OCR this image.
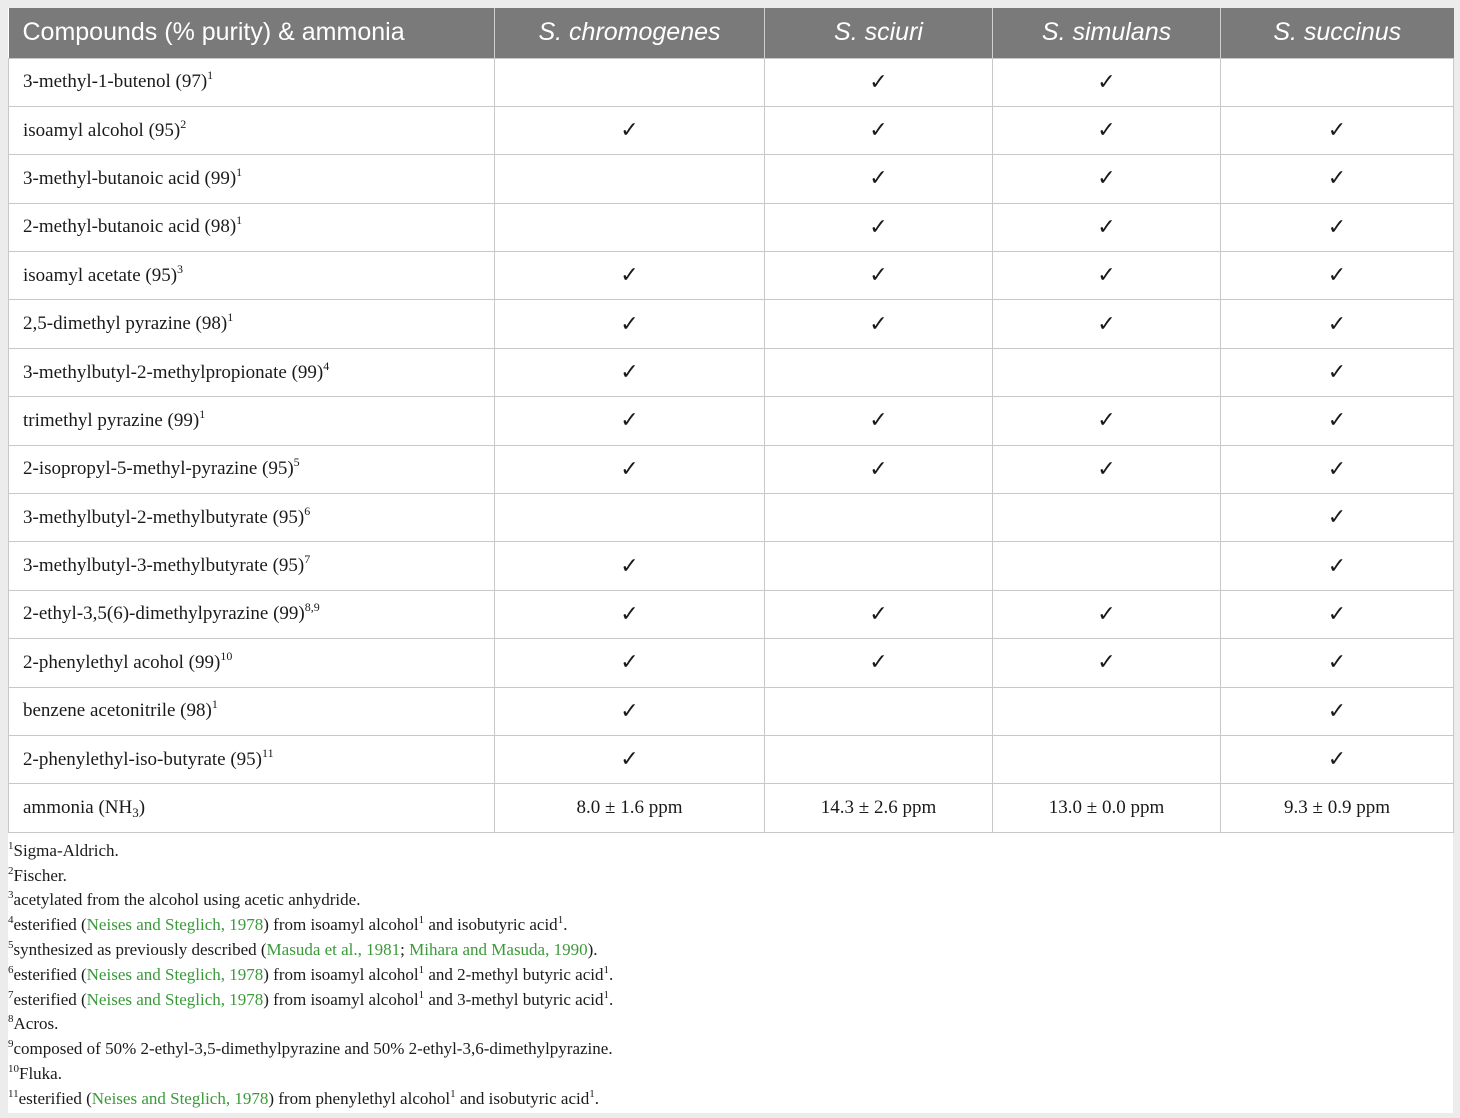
Compounds (% purity) & ammonia	S. chromogenes	S. sciuri	S. simulans	S. succinus
3-methyl-1-butenol $(97)^1$		✓	✓	
isoamyl alcohol $(95)^2$	✓	✓	✓	✓
3-methyl-butanoic acid $(99)^1$		✓	✓	✓
2-methyl-butanoic acid $(98)^1$		✓	✓	✓
isoamyl acetate $(95)^3$	✓	✓	✓	✓
2,5-dimethyl pyrazine $(98)^1$	✓	✓	✓	✓
3-methylbutyl-2-methylpropionate $(99)^4$	✓			✓
trimethyl pyrazine $(99)^1$	✓	✓	✓	✓
2-isopropyl-5-methyl-pyrazine $(95)^5$	✓	✓	✓	✓
3-methylbutyl-2-methylbutyrate $(95)^6$				✓
3-methylbutyl-3-methylbutyrate $(95)^7$	✓			✓
2-ethyl-3,5(6)-dimethylpyrazine $(99)^{8,9}$	✓	✓	✓	✓
2-phenylethyl acohol $(99)^{10}$	✓	✓	✓	✓
benzene acetonitrile $(98)^1$	✓			✓
2-phenylethyl-iso-butyrate $(95)^{11}$	✓			✓
ammonia $(NH_3)$	8.0 ± 1.6 ppm	14.3 ± 2.6 ppm	13.0 ± 0.0 ppm	9.3 ± 0.9 ppm
$^1$Sigma-Aldrich.
$^2$Fischer.
$^3$acetylated from the alcohol using acetic anhydride.
$^4$esterified (Neises and Steglich, 1978) from isoamyl alcohol$^1$ and isobutyric acid$^1$.
$^5$synthesized as previously described (Masuda et al., 1981; Mihara and Masuda, 1990).
$^6$esterified (Neises and Steglich, 1978) from isoamyl alcohol$^1$ and 2-methyl butyric acid$^1$.
$^7$esterified (Neises and Steglich, 1978) from isoamyl alcohol$^1$ and 3-methyl butyric acid$^1$.
$^8$Acros.
$^9$composed of 50% 2-ethyl-3,5-dimethylpyrazine and 50% 2-ethyl-3,6-dimethylpyrazine.
$^{10}$Fluka.
$^{11}$esterified (Neises and Steglich, 1978) from phenylethyl alcohol$^1$ and isobutyric acid$^1$.
